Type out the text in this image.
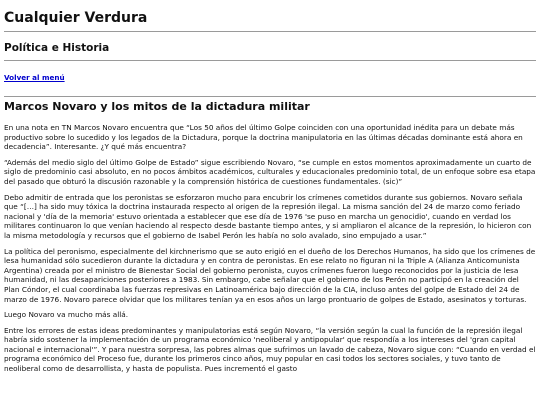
Cualquier Verdura
Política e Historia
Volver al menú
Marcos Novaro y los mitos de la dictadura militar

En una nota en TN Marcos Novaro encuentra que “Los 50 años del último Golpe coinciden con una oportunidad inédita para un debate más productivo sobre lo sucedido y los legados de la Dictadura, porque la doctrina manipulatoria en las últimas décadas dominante está ahora en decadencia”. Interesante. ¿Y qué más encuentra?

“Además del medio siglo del último Golpe de Estado” sigue escribiendo Novaro, “se cumple en estos momentos aproximadamente un cuarto de siglo de predominio casi absoluto, en no pocos ámbitos académicos, culturales y educacionales predominio total, de un enfoque sobre esa etapa del pasado que obturó la discusión razonable y la comprensión histórica de cuestiones fundamentales. (sic)”

Debo admitir de entrada que los peronistas se esforzaron mucho para encubrir los crímenes cometidos durante sus gobiernos. Novaro señala que “[…] ha sido muy tóxica la doctrina instaurada respecto al origen de la represión ilegal. La misma sanción del 24 de marzo como feriado nacional y 'día de la memoria' estuvo orientada a establecer que ese día de 1976 'se puso en marcha un genocidio', cuando en verdad los militares continuaron lo que venían haciendo al respecto desde bastante tiempo antes, y si ampliaron el alcance de la represión, lo hicieron con la misma metodología y recursos que el gobierno de Isabel Perón les había no solo avalado, sino empujado a usar.”

La política del peronismo, especialmente del kirchnerismo que se auto erigió en el dueño de los Derechos Humanos, ha sido que los crímenes de lesa humanidad sólo sucedieron durante la dictadura y en contra de peronistas. En ese relato no figuran ni la Triple A (Alianza Anticomunista Argentina) creada por el ministro de Bienestar Social del gobierno peronista, cuyos crímenes fueron luego reconocidos por la justicia de lesa humanidad, ni las desapariciones posteriores a 1983. Sin embargo, cabe señalar que el gobierno de los Perón no participó en la creación del Plan Cóndor, el cual coordinaba las fuerzas represivas en Latinoamérica bajo dirección de la CIA, incluso antes del golpe de Estado del 24 de marzo de 1976. Novaro parece olvidar que los militares tenían ya en esos años un largo prontuario de golpes de Estado, asesinatos y torturas.

Luego Novaro va mucho más allá.

Entre los errores de estas ideas predominantes y manipulatorias está según Novaro, “la versión según la cual la función de la represión ilegal habría sido sostener la implementación de un programa económico 'neoliberal y antipopular' que respondía a los intereses del 'gran capital nacional e internacional'”. Y para nuestra sorpresa, las pobres almas que sufrimos un lavado de cabeza, Novaro sigue con: “Cuando en verdad el programa económico del Proceso fue, durante los primeros cinco años, muy popular en casi todos los sectores sociales, y tuvo tanto de neoliberal como de desarrollista, y hasta de populista. Pues incrementó el gasto
